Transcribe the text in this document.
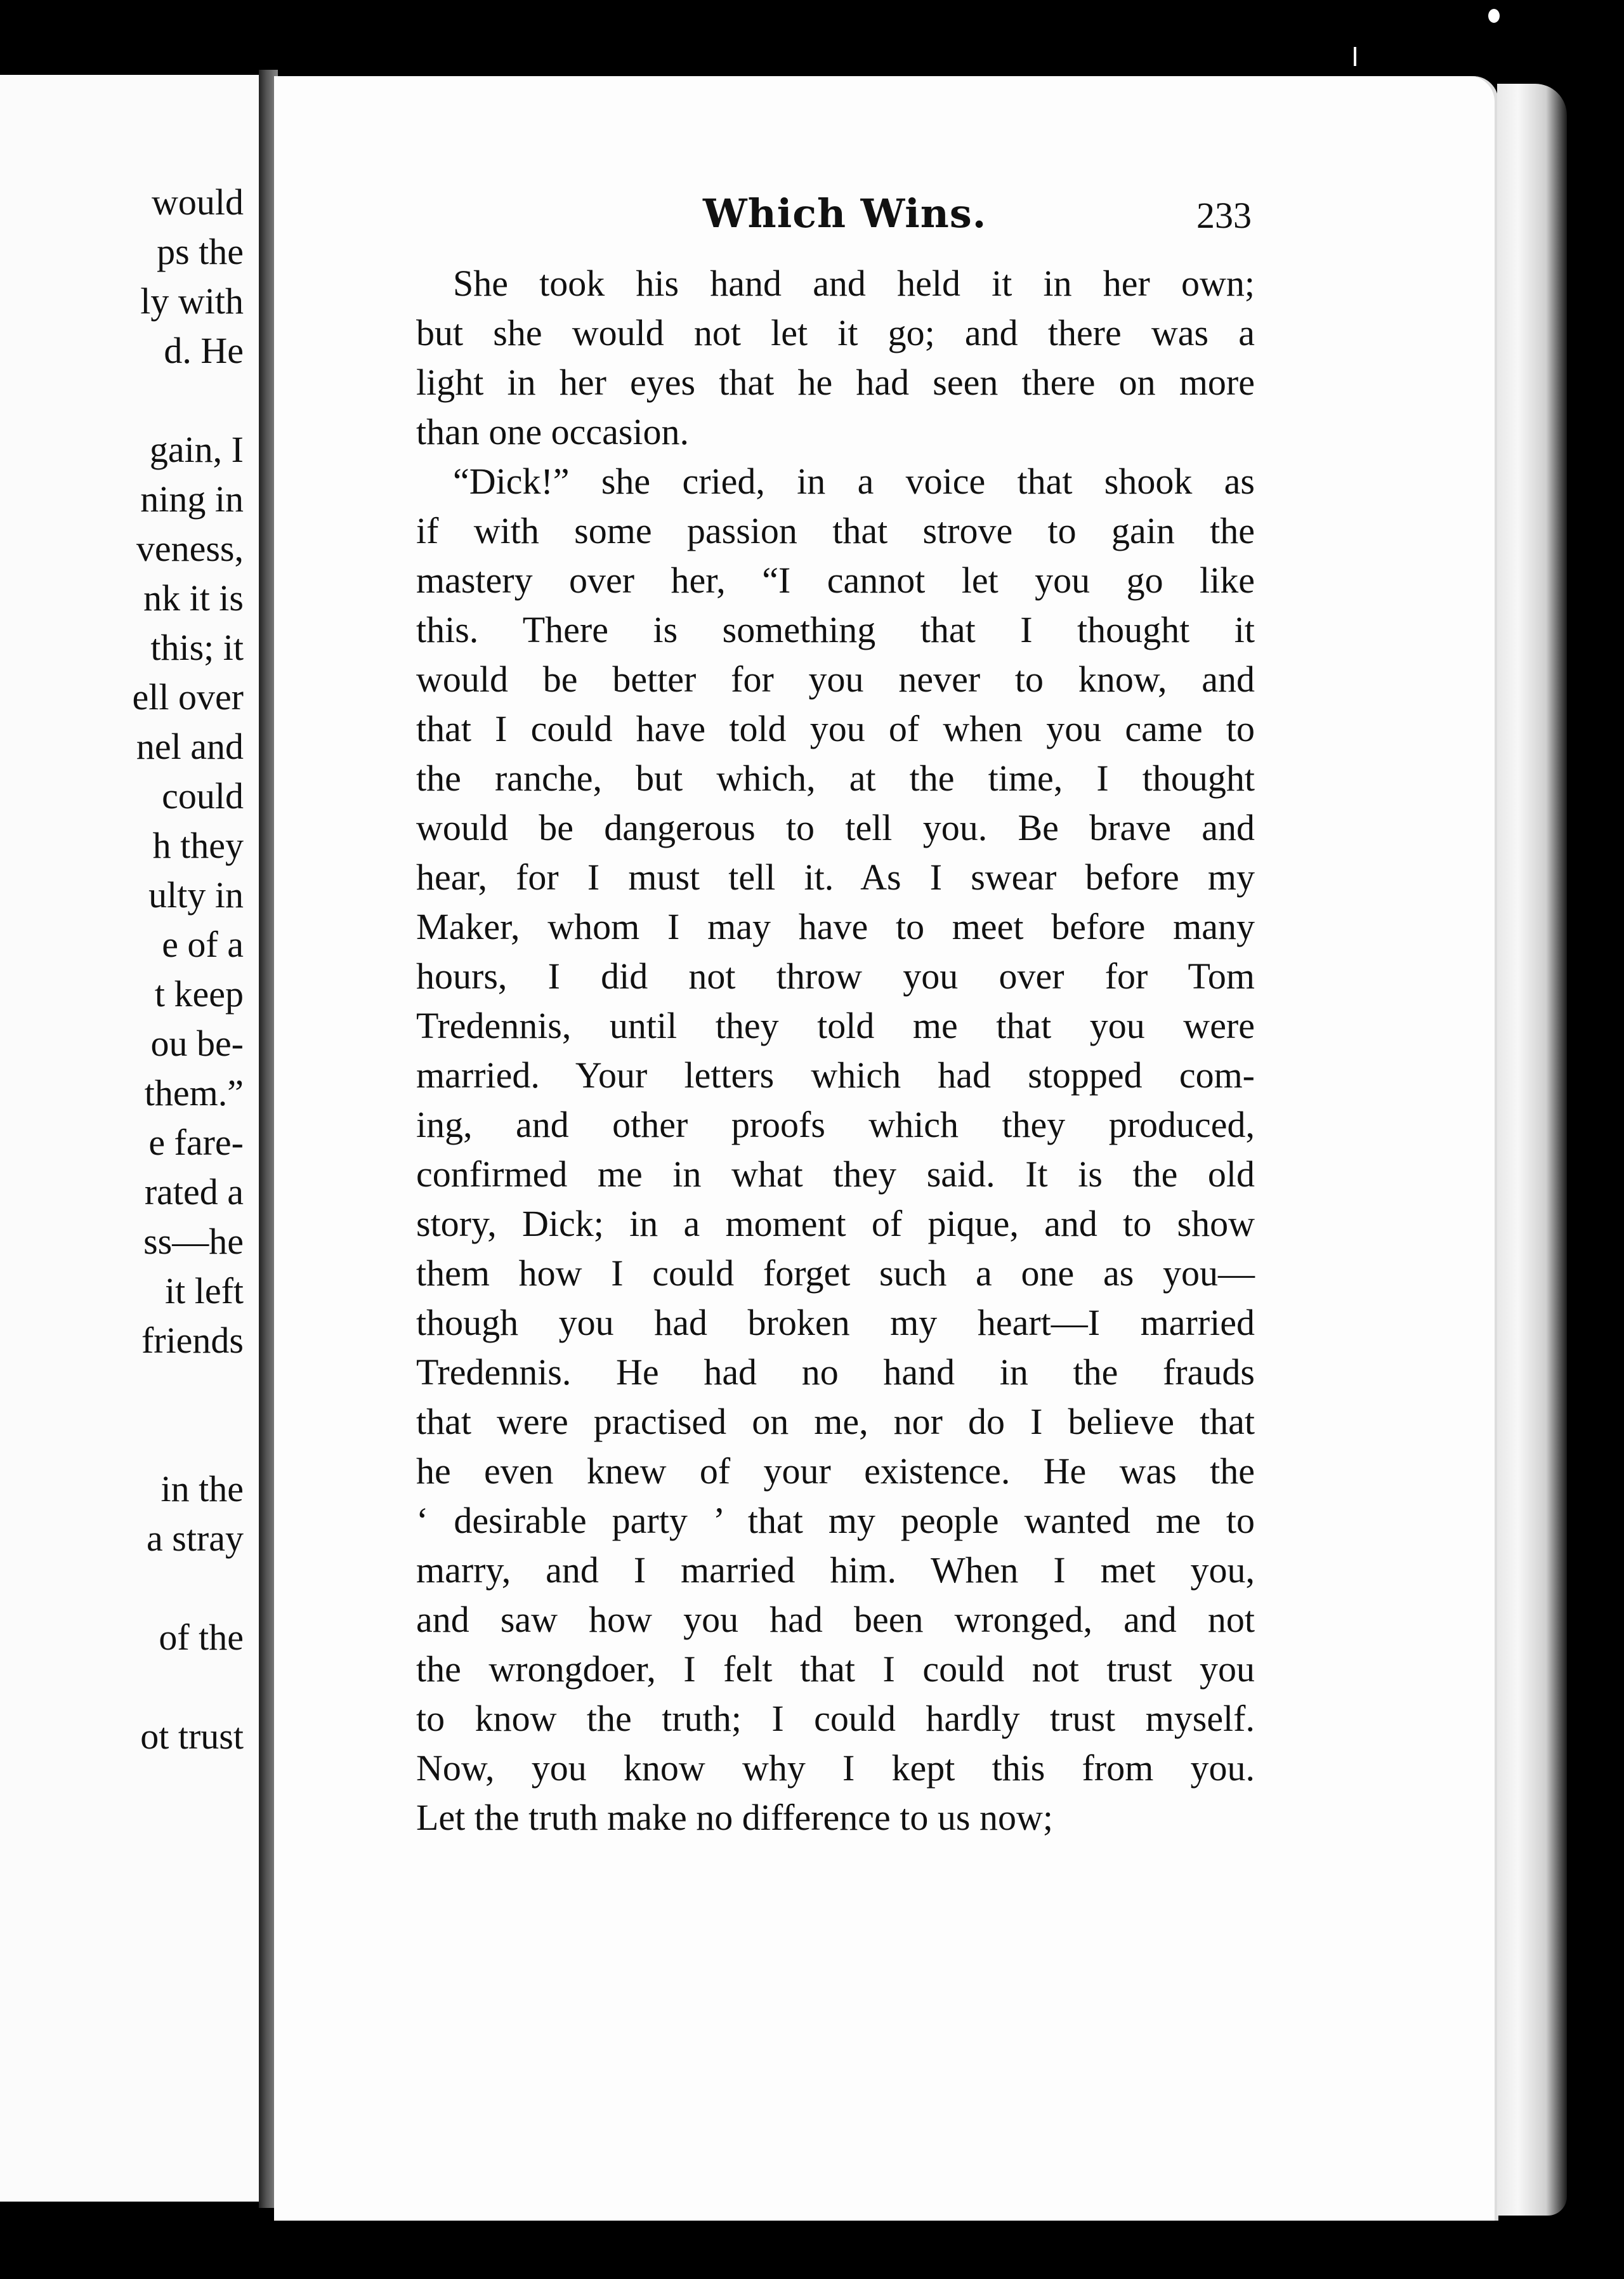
would
ps the
ly with
d. He
gain, I
ning in
veness,
nk it is
this; it
ell over
nel and
could
h they
ulty in
e of a
t keep
ou be-
them.”
e fare-
rated a
ss—he
it left
friends
in the
a stray
of the
ot trust
Which Wins.	233
She took his hand and held it in her own;
but she would not let it go; and there was a
light in her eyes that he had seen there on more
than one occasion.
“Dick!” she cried, in a voice that shook as
if with some passion that strove to gain the
mastery over her, “I cannot let you go like
this. There is something that I thought it
would be better for you never to know, and
that I could have told you of when you came to
the ranche, but which, at the time, I thought
would be dangerous to tell you. Be brave and
hear, for I must tell it. As I swear before my
Maker, whom I may have to meet before many
hours, I did not throw you over for Tom
Tredennis, until they told me that you were
married. Your letters which had stopped com-
ing, and other proofs which they produced,
confirmed me in what they said. It is the old
story, Dick; in a moment of pique, and to show
them how I could forget such a one as you—
though you had broken my heart—I married
Tredennis. He had no hand in the frauds
that were practised on me, nor do I believe that
he even knew of your existence. He was the
‘ desirable party ’ that my people wanted me to
marry, and I married him. When I met you,
and saw how you had been wronged, and not
the wrongdoer, I felt that I could not trust you
to know the truth; I could hardly trust myself.
Now, you know why I kept this from you.
Let the truth make no difference to us now;
